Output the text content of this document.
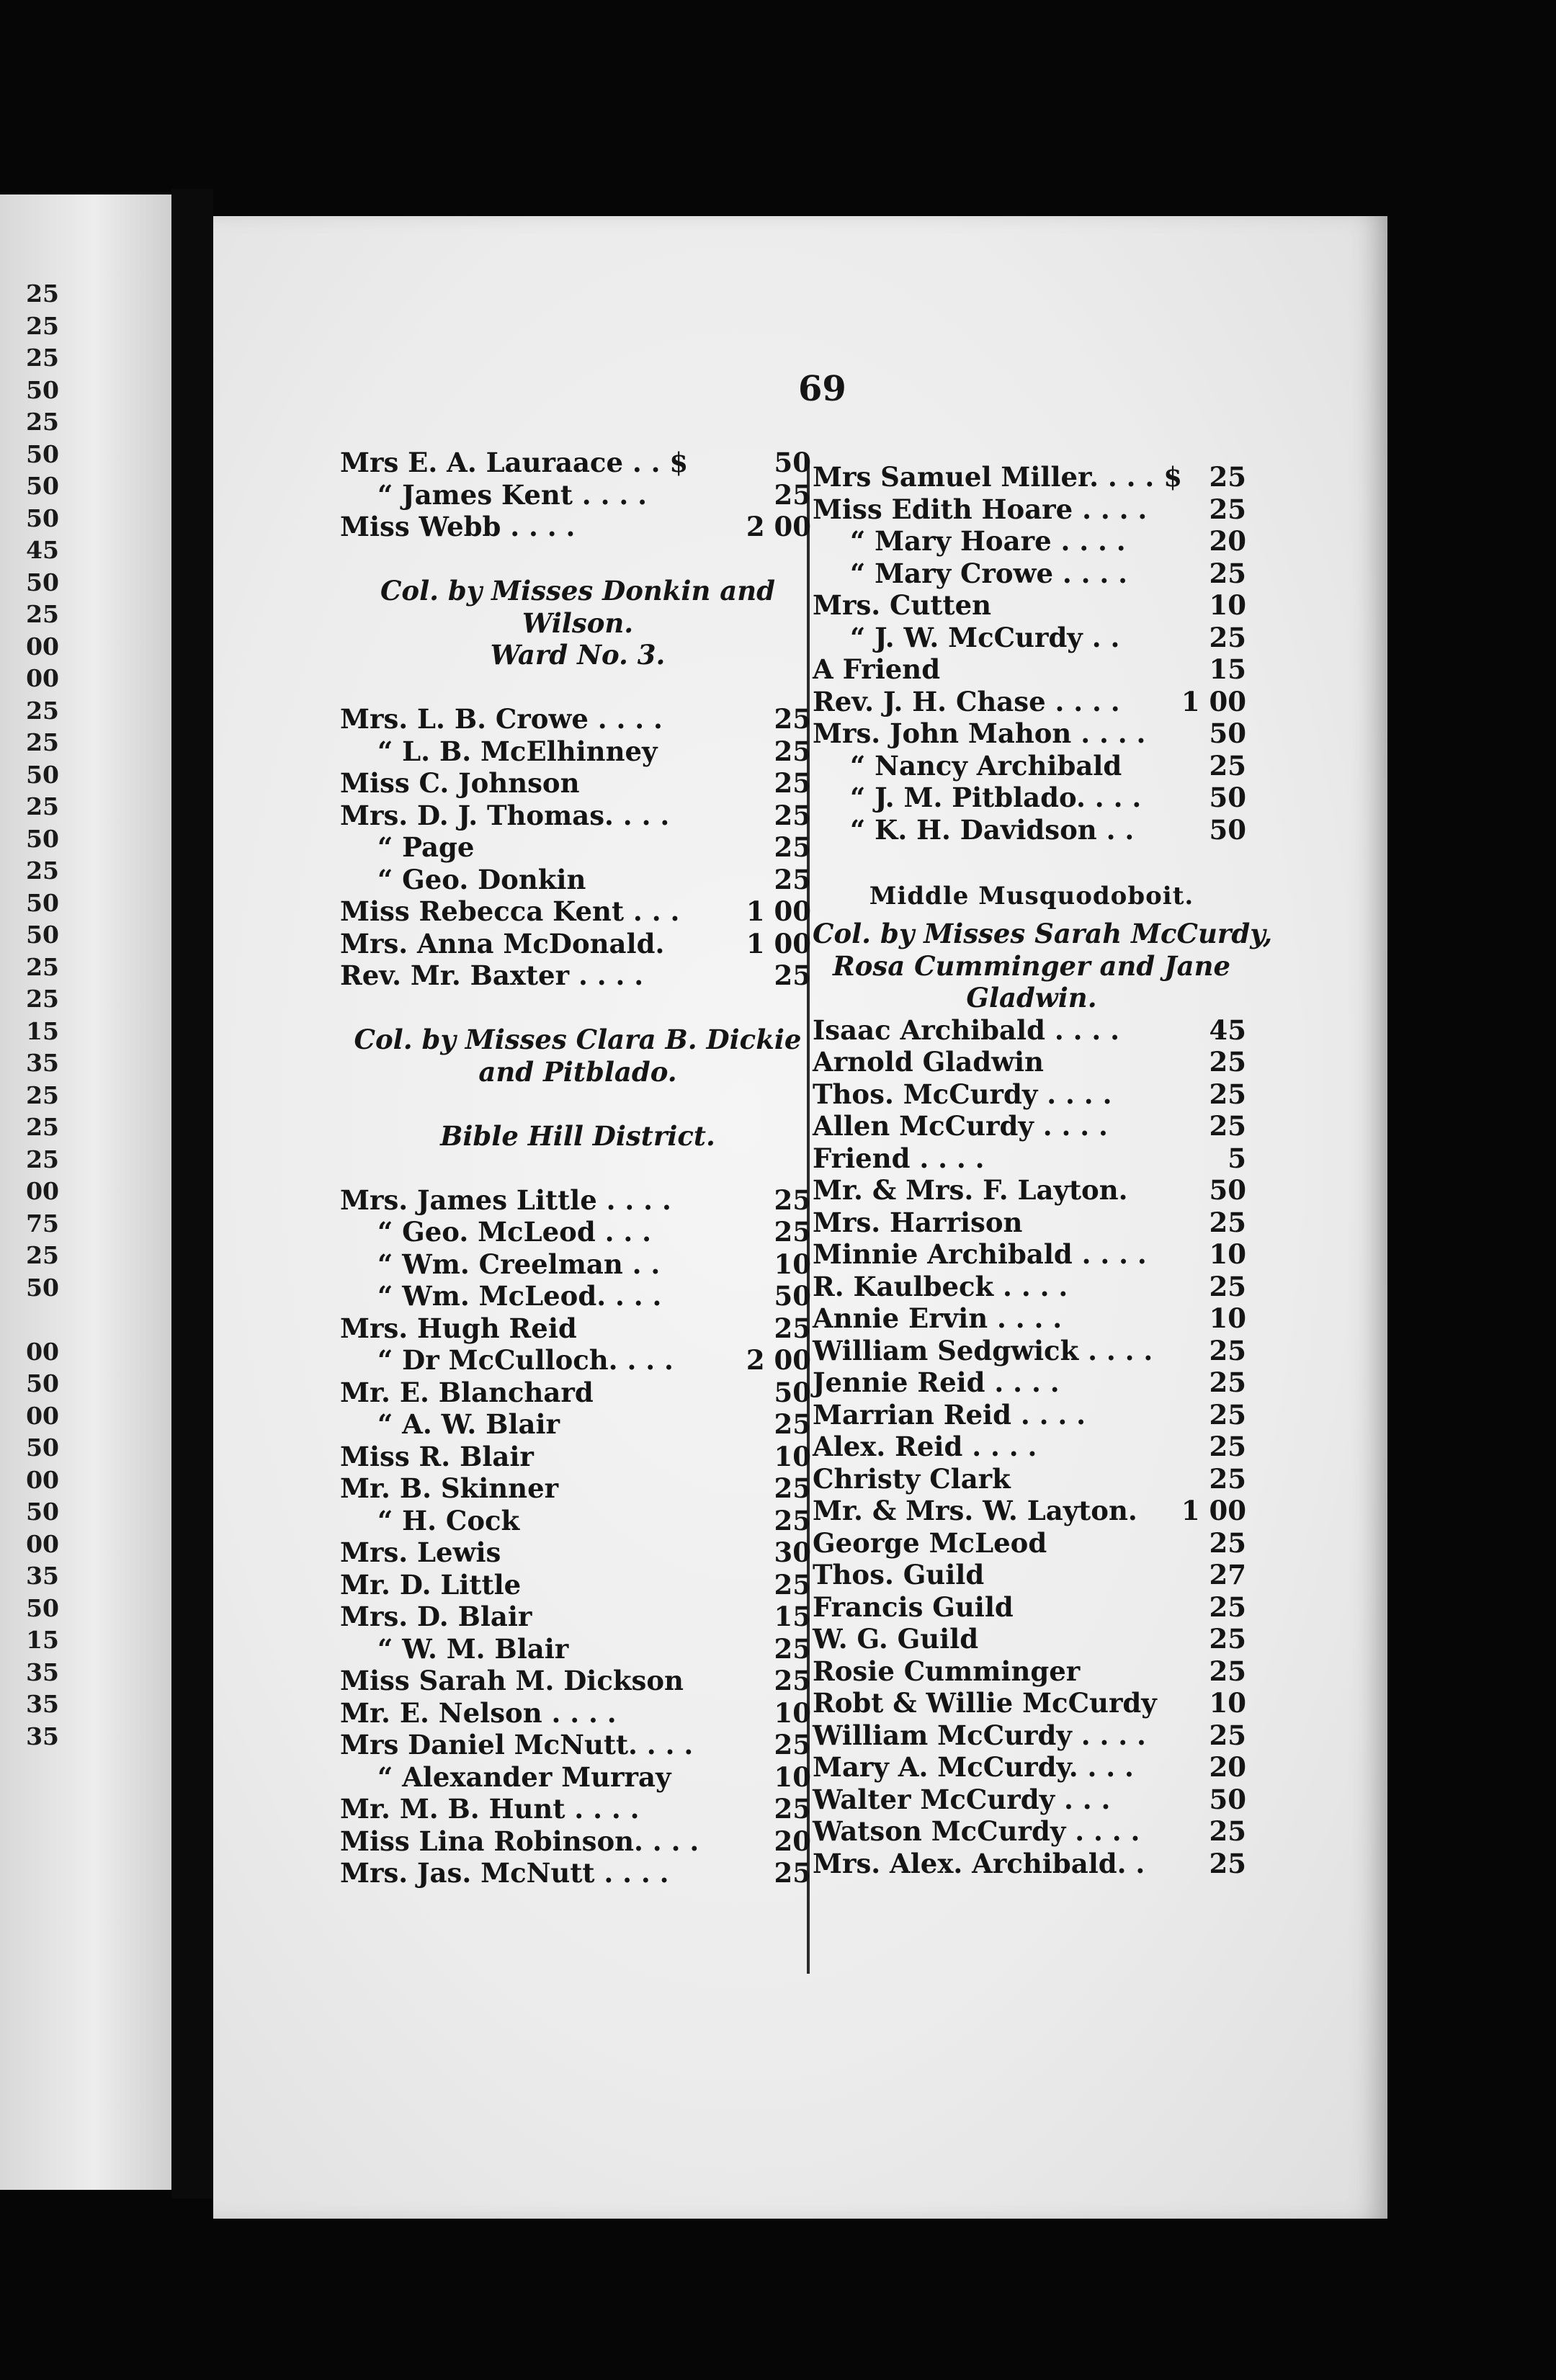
25
25
25
50
25
50
50
50
45
50
25
00
00
25
25
50
25
50
25
50
50
25
25
15
35
25
25
25
00
75
25
50

00
50
00
50
00
50
00
35
50
15
35
35
35
69
Mrs E. A. Lauraace . . $	50
“ James Kent . . . .	25
Miss Webb . . . .	2 00
Col. by Misses Donkin and
Wilson.
Ward No. 3.
Mrs. L. B. Crowe . . . .	25
“ L. B. McElhinney	25
Miss C. Johnson	25
Mrs. D. J. Thomas. . . .	25
“ Page	25
“ Geo. Donkin	25
Miss Rebecca Kent . . .	1 00
Mrs. Anna McDonald.	1 00
Rev. Mr. Baxter . . . .	25
Col. by Misses Clara B. Dickie
and Pitblado.
Bible Hill District.
Mrs. James Little . . . .	25
“ Geo. McLeod . . .	25
“ Wm. Creelman . .	10
“ Wm. McLeod. . . .	50
Mrs. Hugh Reid	25
“ Dr McCulloch. . . .	2 00
Mr. E. Blanchard	50
“ A. W. Blair	25
Miss R. Blair	10
Mr. B. Skinner	25
“ H. Cock	25
Mrs. Lewis	30
Mr. D. Little	25
Mrs. D. Blair	15
“ W. M. Blair	25
Miss Sarah M. Dickson	25
Mr. E. Nelson . . . .	10
Mrs Daniel McNutt. . . .	25
“ Alexander Murray	10
Mr. M. B. Hunt . . . .	25
Miss Lina Robinson. . . .	20
Mrs. Jas. McNutt . . . .	25
Mrs Samuel Miller. . . . $ 25
Miss Edith Hoare . . . . 25
“ Mary Hoare . . . .	20
“ Mary Crowe . . . .	25
Mrs. Cutten	10
“ J. W. McCurdy . .	25
A Friend	15
Rev. J. H. Chase . . . . 1 00
Mrs. John Mahon . . . . 50
“ Nancy Archibald	25
“ J. M. Pitblado. . . .	50
“ K. H. Davidson . .	50
Middle Musquodoboit.
Col. by Misses Sarah McCurdy,
Rosa Cumminger and Jane
Gladwin.
Isaac Archibald . . . .	45
Arnold Gladwin	25
Thos. McCurdy . . . .	25
Allen McCurdy . . . .	25
Friend . . . .	5
Mr. & Mrs. F. Layton.	50
Mrs. Harrison	25
Minnie Archibald . . . . 10
R. Kaulbeck . . . .	25
Annie Ervin . . . .	10
William Sedgwick . . . . 25
Jennie Reid . . . .	25
Marrian Reid . . . .	25
Alex. Reid . . . .	25
Christy Clark	25
Mr. & Mrs. W. Layton. 1 00
George McLeod	25
Thos. Guild	27
Francis Guild	25
W. G. Guild	25
Rosie Cumminger	25
Robt & Willie McCurdy 10
William McCurdy . . . . 25
Mary A. McCurdy. . . .	20
Walter McCurdy . . .	50
Watson McCurdy . . . .	25
Mrs. Alex. Archibald. . 25
